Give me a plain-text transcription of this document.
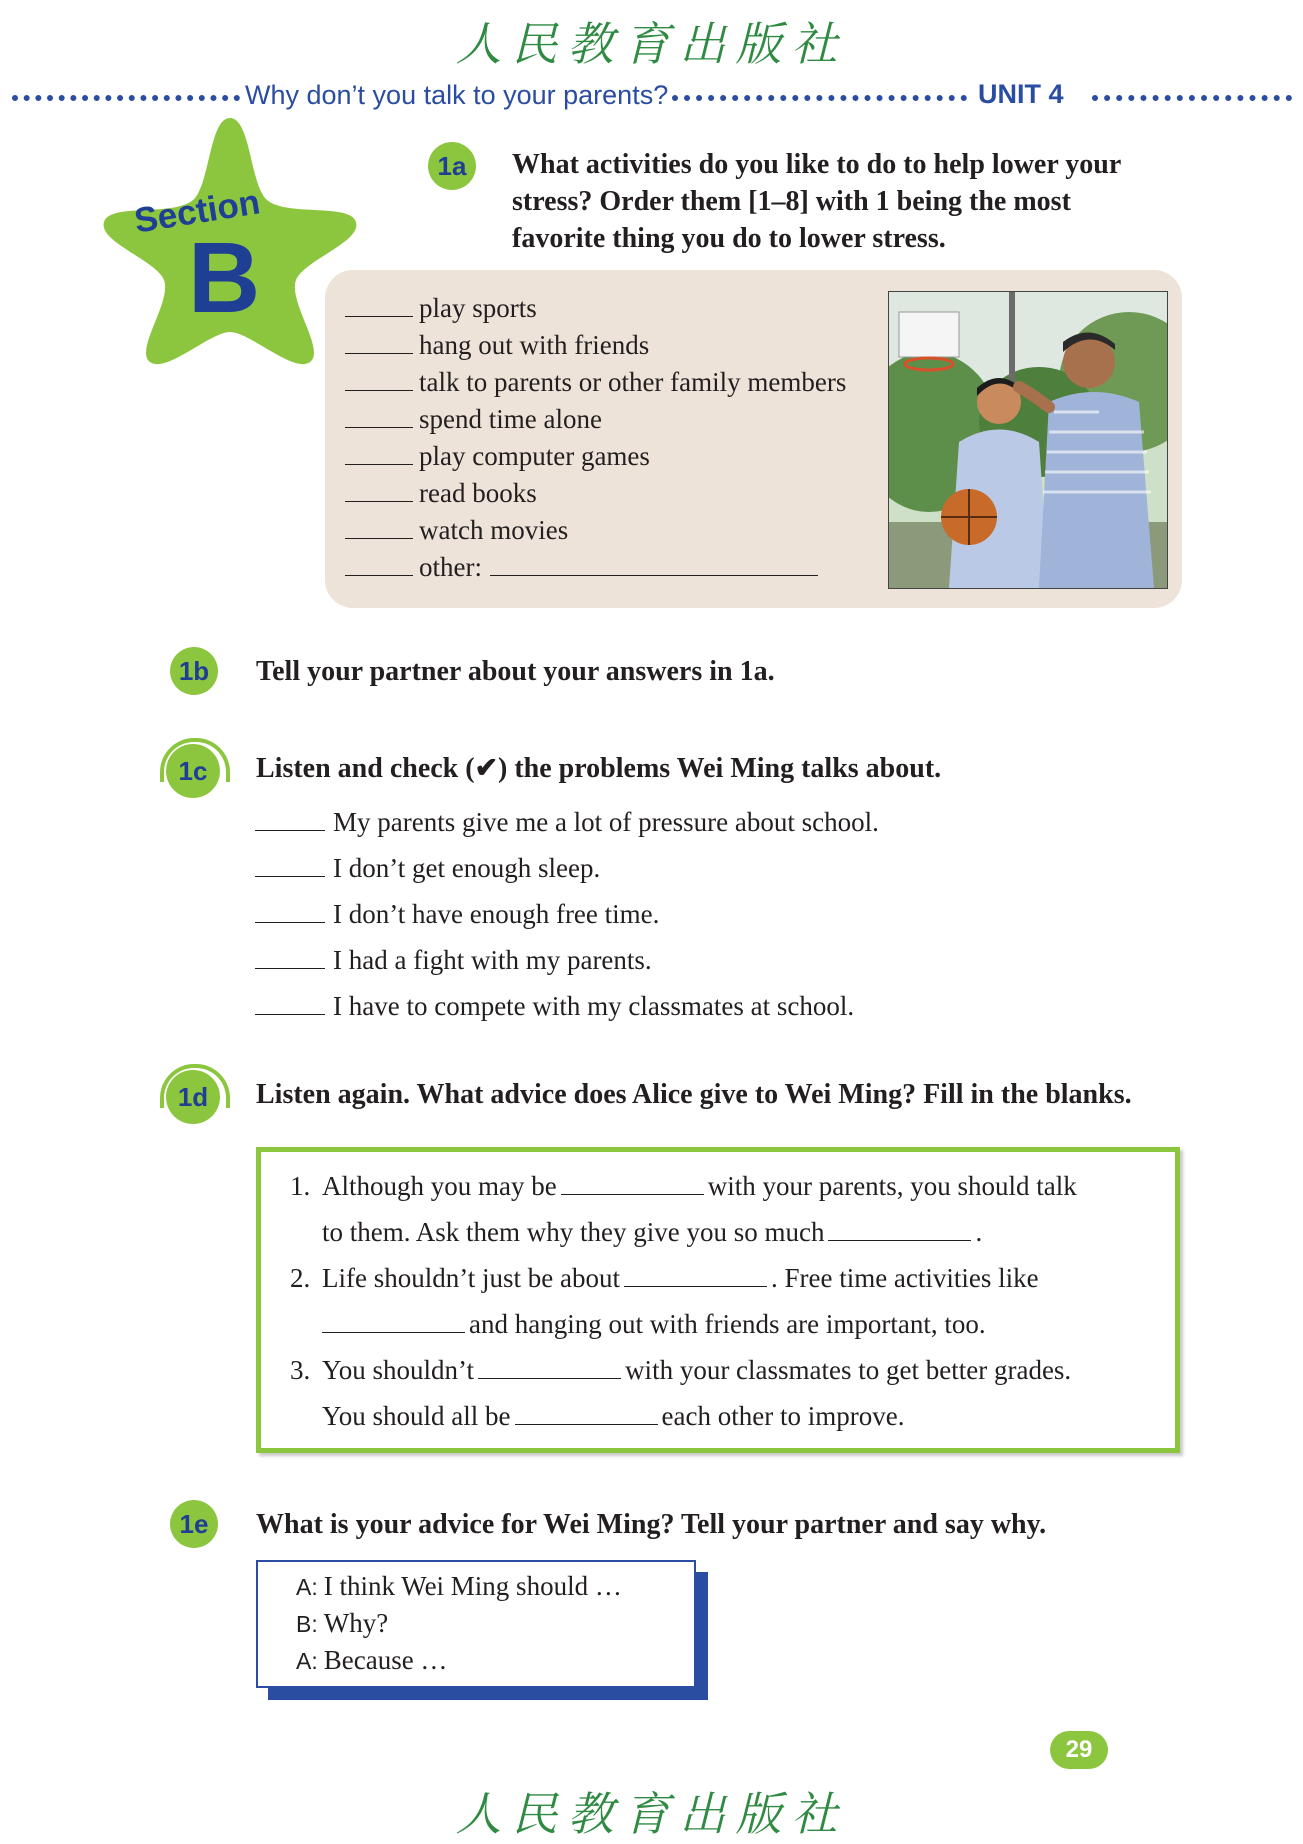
人民教育出版社
人民教育出版社
Why don’t you talk to your parents?	UNIT 4
Section
B
1a	What activities do you like to do to help lower your
stress? Order them [1–8] with 1 being the most
favorite thing you do to lower stress.
play sports
hang out with friends
talk to parents or other family members
spend time alone
play computer games
read books
watch movies
other:
1b	Tell your partner about your answers in 1a.
1c	Listen and check (✔) the problems Wei Ming talks about.
My parents give me a lot of pressure about school.
I don’t get enough sleep.
I don’t have enough free time.
I had a fight with my parents.
I have to compete with my classmates at school.
1d	Listen again. What advice does Alice give to Wei Ming? Fill in the blanks.
1. Although you may be	with your parents, you should talk
to them. Ask them why they give you so much	.
2. Life shouldn’t just be about	. Free time activities like
and hanging out with friends are important, too.
3. You shouldn’t	with your classmates to get better grades.
You should all be	each other to improve.
1e	What is your advice for Wei Ming? Tell your partner and say why.
A: I think Wei Ming should …
B: Why?
A: Because …
29
